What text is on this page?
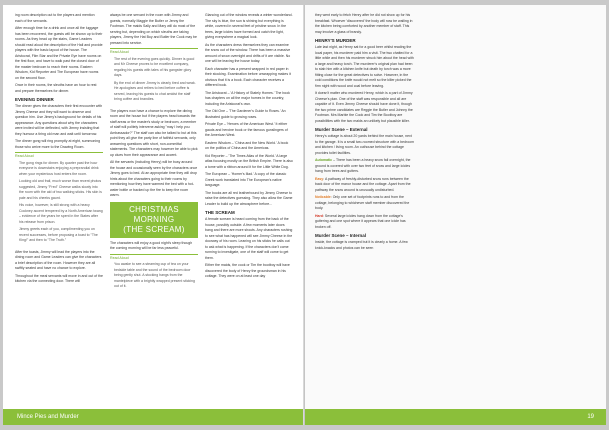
ing room description out to the players and mention each of the servants.

After enough time for a drink and once all the luggage has been recovered, the guests will be shown up to their rooms. As they head up the stairs, Game Leaders should read aloud the description of the Hall and provide players with the basic layout of the house. The Aristocrat, Film Star and the Private Eye have rooms on the first floor, and have to walk past the closed door of the master bedroom to reach their rooms. Eastern Wisdom, Kid Reporter and The European have rooms on the second floor.

Once in their rooms, the sleuths have an hour to rest and prepare themselves for dinner.

EVENING DINNER

The dinner gives the characters their first encounter with Jimmy Cheese and they will want to observe and question him. Use Jimmy's background for details of his appearance. Any questions about why the characters were invited will be deflected, with Jimmy insisting that they humour a tiring old man and wait until tomorrow.

The dinner gong will ring promptly at eight, summoning those who arrive more to the Drawing Room.

Read Aloud

The gong rings for dinner. By quarter past the hour everyone is downstairs enjoying a preprandial drink when your mysterious host enters the room.

Looking old and frail, much worse than recent photos suggested, Jimmy "Fred" Cheese walks slowly into the room with the aid of two walking sticks. His skin is pale and his cheeks gaunt.

His voice, however, is still strong with a heavy Cockney accent tempered by a North American twang – evidence of the years he spent in the States after his release from prison.

Jimmy greets each of you, complimenting you on recent successes, before proposing a toast to "The King!" and then to "The Truth."

After the toasts, Jimmy will lead the players into the dining room and Game Leaders can give the characters a brief description of the room. However they are all swiftly seated and have no chance to explore.

Throughout the meal servants will move in and out of the kitchen via the connecting door. There will

always be one servant in the room with Jimmy and guests, normally Maggie the Butler or Jenny the Footman. The maids Sally and Mary will do most of the serving but, depending on which sleuths are taking players, Jimmy the Hat Boy and Butler the Cook may be pressed into service.

Read Aloud

The rest of the evening goes quickly. Dinner is good and Mr Cheese proves to be excellent company, regaling his guests with tales of his gangster glory days.

By the end of dinner Jimmy is clearly tired and weak. He apologises and retires to bed before coffee is served, leaving his guests to chat amidst the staff bring coffee and brandies.

The players now have a chance to explore the dining room and the house but if the players head towards the staff areas or the master's study or bedroom, a member of staff will politely intervene asking "may I help you Ambassador?" The staff can also be talked to but at this point they all give the party line of faithful servants, only answering questions with short, non-committal statements. The characters may however be able to pick up clues from their appearance and accent.

All the servants (including Henry) will be busy around the house and occasionally seen by the characters once Jimmy goes to bed. At an appropriate time they will drop hints about the characters going to their rooms by mentioning how they have warmed the bed with a hot-water bottle or backed up the fire to keep the room warm.

CHRISTMAS MORNING
(THE SCREAM)

The characters will enjoy a good night's sleep though the coming morning will be far less peaceful.

Read Aloud

You awake to see a steaming cup of tea on your bedside table and the sound of the bedroom door being gently shut. A stocking hangs from the mantelpiece with a brightly wrapped present sticking out of it.

Glancing out of the window reveals a winter wonderland. The sky is blue, the sun is shining but everything is white, covered in several feet of pristine snow. In the trees, large icicles have formed and catch the light, giving everywhere a magical look.

As the characters dress themselves they can examine the snow out of the window. There has been a massive amount of snow overnight and drifts of it are visible. No one will be leaving the house today.

Each character has a present wrapped in red paper in their stocking. Examination before unwrapping makes it obvious that it is a book. Each character receives a different book.

The Aristocrat – 'A History of Stately Homes.' The book has chapters on all the major homes in the country, including the Aristocrat's own.
The Old One – 'The Gardener's Guide to Roses.' An illustrated guide to growing roses.
Private Eye – 'Heroes of the American West.' It either gauds and heroine book or the famous gunslingers of the American West.
Eastern Wisdom – 'China and the New World.' A book on the politics of China and the Americas.
Kid Reporter – 'The Times Atlas of the World.' A large atlas focusing mostly on the British Empire. There is also a tome with a ribbon around it for the Little White Dog.
The European – 'Homer's Iliad.' A copy of the classic Greek work translated into The European's native language.

The books are all red leatherbound by Jimmy Cheese to raise the detectives guessing. They also allow the Game Leader to build up the atmosphere before...

THE SCREAM

A female scream is heard coming from the back of the house, possibly outside. A few moments later doors bang and there are more shouts. Any characters rushing to see what has happened will see Jimmy Cheese in the doorway of his room. Leaning on his sticks he calls out to ask what is happening. If the characters don't come running to investigate, one of the staff will come to get them.

Either the maids, the cook or Tim the bootboy will have discovered the body of Henry the groundsman in his cottage. They were on at least one day

Mince Pies and Murder

they went early to fetch Henry after he did not show up for his breakfast. Whoever 'discovered' the body will now be wailing in the kitchen being comforted by another member of staff. This may involve a glass of brandy.

HENRY'S MURDER

Late last night, as Henry sat for a good beer whilst reading the local paper, his murderer paid him a visit. The two chatted for a little while and then his murderer struck him about the head with a large and heavy torch. The murderer's original plan had been to stab him with a kitchen knife but death by torch was a more fitting close for the great detectives to solve. However, in the cold conditions the knife would not melt so the killer picked the firm night with wood and coal before leaving.

It doesn't matter who murdered Henry, which is a part of Jimmy Cheese's plan. One of the staff was responsible and all are capable of it. Even Jimmy Cheese should have done it, though the two prime candidates are Reggie the Butler and Johnny the Footman. Mrs Marble the Cook and Tim the Bootboy are possibilities with the two maids an unlikely but plausible killer.

Murder Scene – External

Henry's cottage is about 20 yards behind the main house, next to the garage. It is a small two-roomed structure with a bedroom and kitchen / living room. An outhouse behind the cottage provides toilet facilities.

Automatic – There has been a heavy snow fall overnight, the ground is covered with over two feet of snow and large icicles hang from trees and gutters.
Easy: A pathway of freshly-disturbed snow runs between the back door of the manor house and the cottage. Apart from the pathway the snow around is unusually undisturbed.
Noticable: Only one set of footprints runs to and from the cottage, belonging to whichever staff member discovered the body.
Hard: Several large icicles hang down from the cottage's guttering and one spot where it appears that one icicle has broken off.
Murder Scene – Internal

Inside, the cottage is cramped but it is clearly a home. A few knick-knacks and photos can be seen

19
